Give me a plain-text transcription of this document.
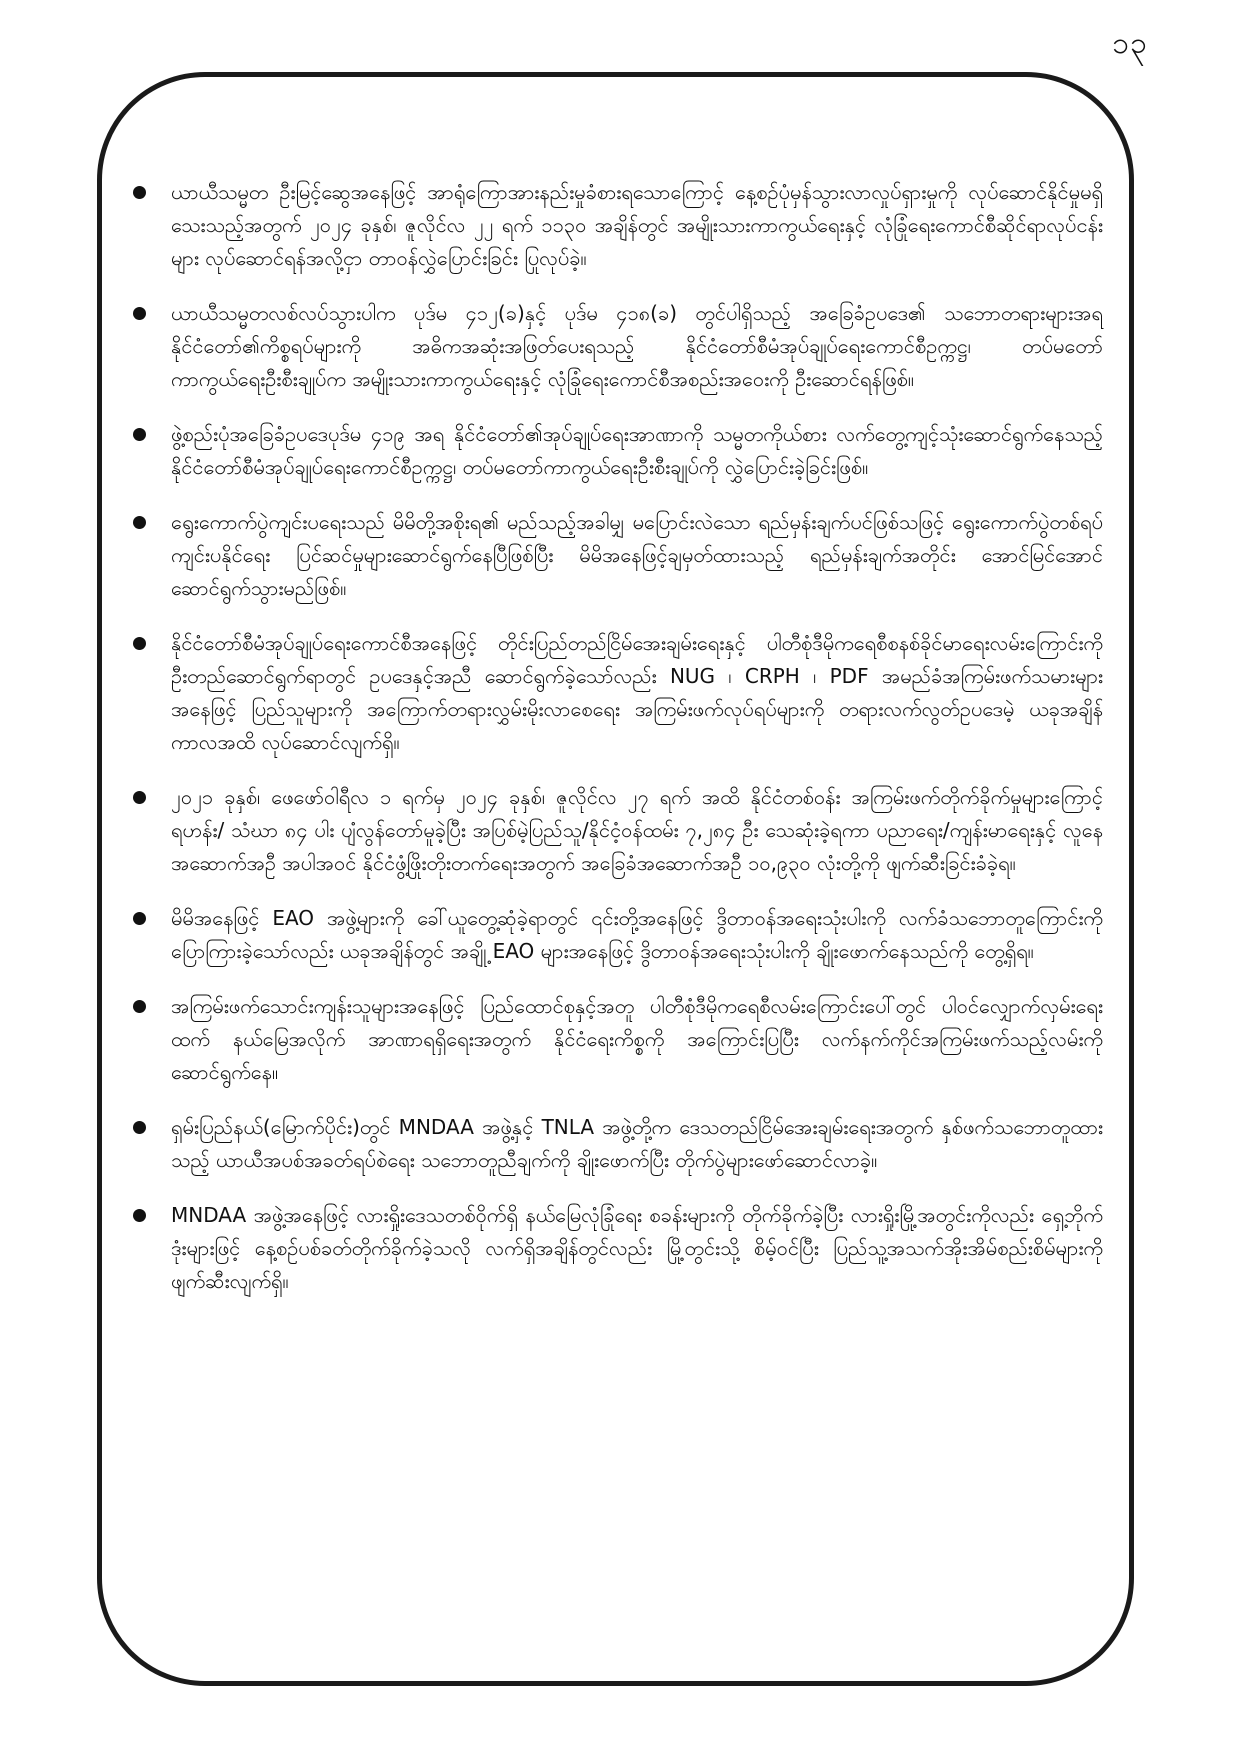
၁၃
ယာယီသမ္မတ ဦးမြင့်ဆွေအနေဖြင့် အာရုံကြောအားနည်းမှုခံစားရသောကြောင့် နေ့စဉ်ပုံမှန်သွားလာလှုပ်ရှားမှုကို လုပ်ဆောင်နိုင်မှုမရှိသေးသည့်အတွက် ၂၀၂၄ ခုနှစ်၊ ဇူလိုင်လ ၂၂ ရက် ၁၁၃၀ အချိန်တွင် အမျိုးသားကာကွယ်ရေးနှင့် လုံခြုံရေးကောင်စီဆိုင်ရာလုပ်ငန်းများ လုပ်ဆောင်ရန်အလို့ငှာ တာဝန်လွှဲပြောင်းခြင်း ပြုလုပ်ခဲ့။
ယာယီသမ္မတလစ်လပ်သွားပါက ပုဒ်မ ၄၁၂(ခ)နှင့် ပုဒ်မ ၄၁၈(ခ) တွင်ပါရှိသည့် အခြေခံဥပဒေ၏ သဘောတရားများအရ နိုင်ငံတော်၏ကိစ္စရပ်များကို အဓိကအဆုံးအဖြတ်ပေးရသည့် နိုင်ငံတော်စီမံအုပ်ချုပ်ရေးကောင်စီဥက္ကဋ္ဌ၊ တပ်မတော်ကာကွယ်ရေးဦးစီးချုပ်က အမျိုးသားကာကွယ်ရေးနှင့် လုံခြုံရေးကောင်စီအစည်းအဝေးကို ဦးဆောင်ရန်ဖြစ်။
ဖွဲ့စည်းပုံအခြေခံဥပဒေပုဒ်မ ၄၁၉ အရ နိုင်ငံတော်၏အုပ်ချုပ်ရေးအာဏာကို သမ္မတကိုယ်စား လက်တွေ့ကျင့်သုံးဆောင်ရွက်နေသည့် နိုင်ငံတော်စီမံအုပ်ချုပ်ရေးကောင်စီဥက္ကဋ္ဌ၊ တပ်မတော်ကာကွယ်ရေးဦးစီးချုပ်ကို လွှဲပြောင်းခဲ့ခြင်းဖြစ်။
ရွေးကောက်ပွဲကျင်းပရေးသည် မိမိတို့အစိုးရ၏ မည်သည့်အခါမျှ မပြောင်းလဲသော ရည်မှန်းချက်ပင်ဖြစ်သဖြင့် ရွေးကောက်ပွဲတစ်ရပ်ကျင်းပနိုင်ရေး ပြင်ဆင်မှုများဆောင်ရွက်နေပြီဖြစ်ပြီး မိမိအနေဖြင့်ချမှတ်ထားသည့် ရည်မှန်းချက်အတိုင်း အောင်မြင်အောင် ဆောင်ရွက်သွားမည်ဖြစ်။
နိုင်ငံတော်စီမံအုပ်ချုပ်ရေးကောင်စီအနေဖြင့် တိုင်းပြည်တည်ငြိမ်အေးချမ်းရေးနှင့် ပါတီစုံဒီမိုကရေစီစနစ်ခိုင်မာရေးလမ်းကြောင်းကို ဦးတည်ဆောင်ရွက်ရာတွင် ဥပဒေနှင့်အညီ ဆောင်ရွက်ခဲ့သော်လည်း NUG ၊ CRPH ၊ PDF အမည်ခံအကြမ်းဖက်သမားများအနေဖြင့် ပြည်သူများကို အကြောက်တရားလွှမ်းမိုးလာစေရေး အကြမ်းဖက်လုပ်ရပ်များကို တရားလက်လွတ်ဥပဒေမဲ့ ယခုအချိန်ကာလအထိ လုပ်ဆောင်လျက်ရှိ။
၂၀၂၁ ခုနှစ်၊ ဖေဖော်ဝါရီလ ၁ ရက်မှ ၂၀၂၄ ခုနှစ်၊ ဇူလိုင်လ ၂၇ ရက် အထိ နိုင်ငံတစ်ဝန်း အကြမ်းဖက်တိုက်ခိုက်မှုများကြောင့် ရဟန်း/ သံဃာ ၈၄ ပါး ပျံလွန်တော်မူခဲ့ပြီး အပြစ်မဲ့ပြည်သူ/နိုင်ငံ့ဝန်ထမ်း ၇,၂၈၄ ဦး သေဆုံးခဲ့ရကာ ပညာရေး/ကျန်းမာရေးနှင့် လူနေအဆောက်အဦ အပါအဝင် နိုင်ငံဖွံ့ဖြိုးတိုးတက်ရေးအတွက် အခြေခံအဆောက်အဦ ၁၀,၉၃၀ လုံးတို့ကို ဖျက်ဆီးခြင်းခံခဲ့ရ။
မိမိအနေဖြင့် EAO အဖွဲ့များကို ခေါ်ယူတွေ့ဆုံခဲ့ရာတွင် ၎င်းတို့အနေဖြင့် ဒွိတာဝန်အရေးသုံးပါးကို လက်ခံသဘောတူကြောင်းကို ပြောကြားခဲ့သော်လည်း ယခုအချိန်တွင် အချို့ EAO များအနေဖြင့် ဒွိတာဝန်အရေးသုံးပါးကို ချိုးဖောက်နေသည်ကို တွေ့ရှိရ။
အကြမ်းဖက်သောင်းကျန်းသူများအနေဖြင့် ပြည်ထောင်စုနှင့်အတူ ပါတီစုံဒီမိုကရေစီလမ်းကြောင်းပေါ်တွင် ပါဝင်လျှောက်လှမ်းရေးထက် နယ်မြေအလိုက် အာဏာရရှိရေးအတွက် နိုင်ငံရေးကိစ္စကို အကြောင်းပြပြီး လက်နက်ကိုင်အကြမ်းဖက်သည့်လမ်းကို ဆောင်ရွက်နေ။
ရှမ်းပြည်နယ်(မြောက်ပိုင်း)တွင် MNDAA အဖွဲ့နှင့် TNLA အဖွဲ့တို့က ဒေသတည်ငြိမ်အေးချမ်းရေးအတွက် နှစ်ဖက်သဘောတူထားသည့် ယာယီအပစ်အခတ်ရပ်စဲရေး သဘောတူညီချက်ကို ချိုးဖောက်ပြီး တိုက်ပွဲများဖော်ဆောင်လာခဲ့။
MNDAA အဖွဲ့အနေဖြင့် လားရှိုးဒေသတစ်ဝိုက်ရှိ နယ်မြေလုံခြုံရေး စခန်းများကို တိုက်ခိုက်ခဲ့ပြီး လားရှိုးမြို့အတွင်းကိုလည်း ရှေ့ဘိုက်ဒုံးများဖြင့် နေ့စဉ်ပစ်ခတ်တိုက်ခိုက်ခဲ့သလို လက်ရှိအချိန်တွင်လည်း မြို့တွင်းသို့ စိမ့်ဝင်ပြီး ပြည်သူ့အသက်အိုးအိမ်စည်းစိမ်များကို ဖျက်ဆီးလျက်ရှိ။
